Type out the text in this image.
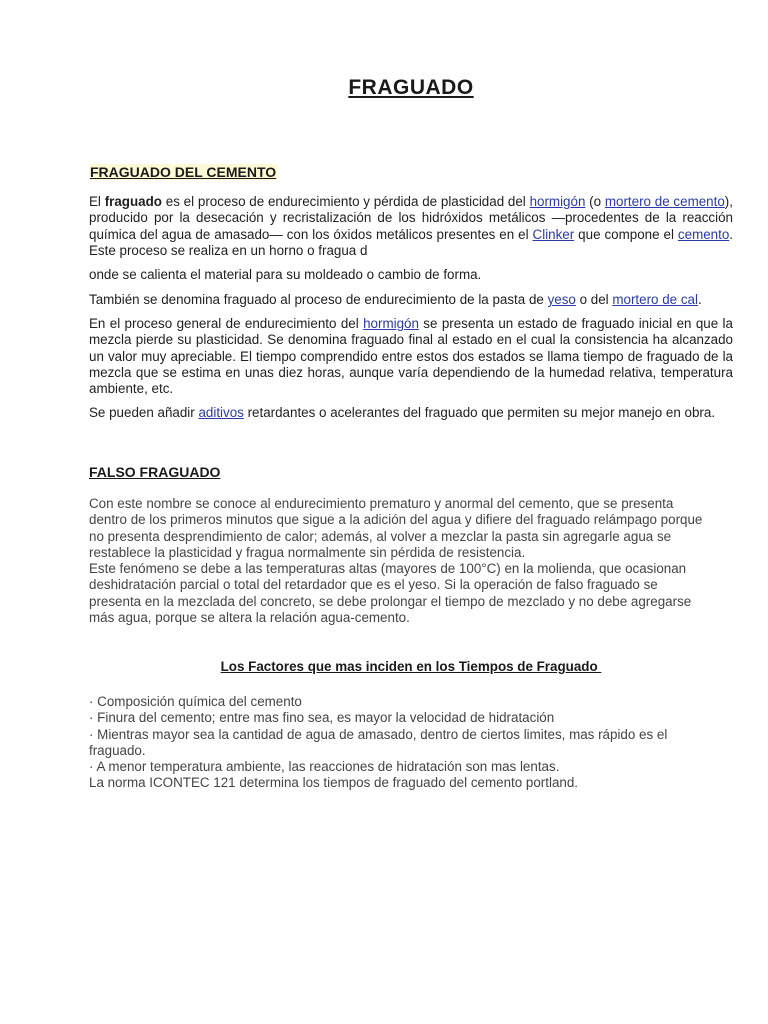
FRAGUADO
FRAGUADO DEL CEMENTO
El fraguado es el proceso de endurecimiento y pérdida de plasticidad del hormigón (o mortero de cemento), producido por la desecación y recristalización de los hidróxidos metálicos —procedentes de la reacción química del agua de amasado— con los óxidos metálicos presentes en el Clinker que compone el cemento. Este proceso se realiza en un horno o fragua d
onde se calienta el material para su moldeado o cambio de forma.
También se denomina fraguado al proceso de endurecimiento de la pasta de yeso o del mortero de cal.
En el proceso general de endurecimiento del hormigón se presenta un estado de fraguado inicial en que la mezcla pierde su plasticidad. Se denomina fraguado final al estado en el cual la consistencia ha alcanzado un valor muy apreciable. El tiempo comprendido entre estos dos estados se llama tiempo de fraguado de la mezcla que se estima en unas diez horas, aunque varía dependiendo de la humedad relativa, temperatura ambiente, etc.
Se pueden añadir aditivos retardantes o acelerantes del fraguado que permiten su mejor manejo en obra.
FALSO FRAGUADO
Con este nombre se conoce al endurecimiento prematuro y anormal del cemento, que se presenta
dentro de los primeros minutos que sigue a la adición del agua y difiere del fraguado relámpago porque
no presenta desprendimiento de calor; además, al volver a mezclar la pasta sin agregarle agua se
restablece la plasticidad y fragua normalmente sin pérdida de resistencia.
Este fenómeno se debe a las temperaturas altas (mayores de 100°C) en la molienda, que ocasionan
deshidratación parcial o total del retardador que es el yeso. Si la operación de falso fraguado se
presenta en la mezclada del concreto, se debe prolongar el tiempo de mezclado y no debe agregarse
más agua, porque se altera la relación agua-cemento.
Los Factores que mas inciden en los Tiempos de Fraguado
· Composición química del cemento
· Finura del cemento; entre mas fino sea, es mayor la velocidad de hidratación
· Mientras mayor sea la cantidad de agua de amasado, dentro de ciertos limites, mas rápido es el
fraguado.
· A menor temperatura ambiente, las reacciones de hidratación son mas lentas.
La norma ICONTEC 121 determina los tiempos de fraguado del cemento portland.
